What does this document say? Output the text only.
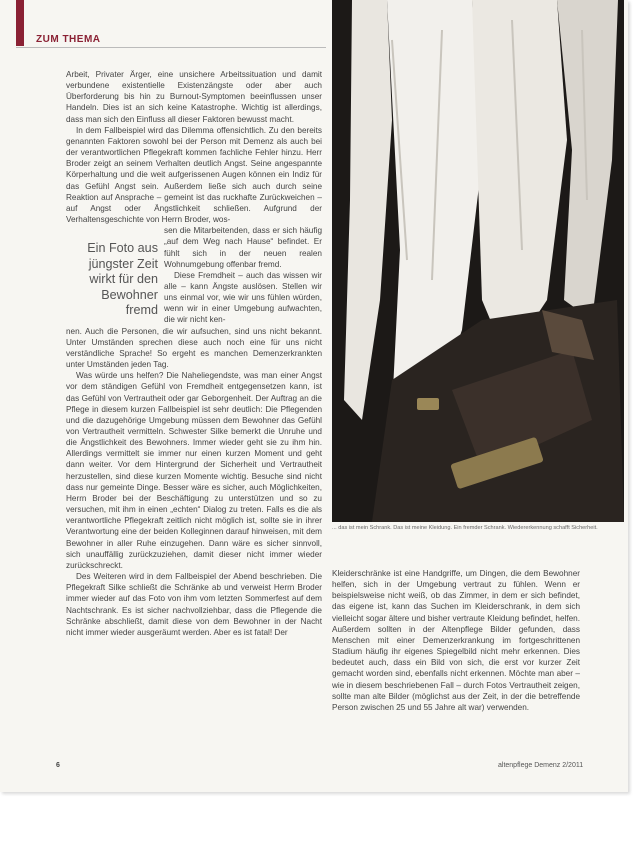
ZUM THEMA

Arbeit, Privater Ärger, eine unsichere Arbeitssituation und damit verbundene existentielle Existenzängste oder aber auch Überforderung bis hin zu Burnout-Symptomen beeinflussen unser Handeln. Dies ist an sich keine Katastrophe. Wichtig ist allerdings, dass man sich den Einfluss all dieser Faktoren bewusst macht.

In dem Fallbeispiel wird das Dilemma offensichtlich. Zu den bereits genannten Faktoren sowohl bei der Person mit Demenz als auch bei der verantwortlichen Pflegekraft kommen fachliche Fehler hinzu. Herr Broder zeigt an seinem Verhalten deutlich Angst. Seine angespannte Körperhaltung und die weit aufgerissenen Augen können ein Indiz für das Gefühl Angst sein. Außerdem ließe sich auch durch seine Reaktion auf Ansprache – gemeint ist das ruckhafte Zurückweichen – auf Angst oder Ängstlichkeit schließen. Aufgrund der Verhaltensgeschichte von Herrn Broder, wos-

Ein Foto aus jüngster Zeit wirkt für den Bewohner fremd

sen die Mitarbeitenden, dass er sich häufig „auf dem Weg nach Hause“ befindet. Er fühlt sich in der neuen realen Wohnumgebung offenbar fremd.

Diese Fremdheit – auch das wissen wir alle – kann Ängste auslösen. Stellen wir uns einmal vor, wie wir uns fühlen würden, wenn wir in einer Umgebung aufwachten, die wir nicht ken-

nen. Auch die Personen, die wir aufsuchen, sind uns nicht bekannt. Unter Umständen sprechen diese auch noch eine für uns nicht verständliche Sprache! So ergeht es manchen Demenzerkrankten unter Umständen jeden Tag.

Was würde uns helfen? Die Naheliegendste, was man einer Angst vor dem ständigen Gefühl von Fremdheit entgegensetzen kann, ist das Gefühl von Vertrautheit oder gar Geborgenheit. Der Auftrag an die Pflege in diesem kurzen Fallbeispiel ist sehr deutlich: Die Pflegenden und die dazugehörige Umgebung müssen dem Bewohner das Gefühl von Vertrautheit vermitteln. Schwester Silke bemerkt die Unruhe und die Ängstlichkeit des Bewohners. Immer wieder geht sie zu ihm hin. Allerdings vermittelt sie immer nur einen kurzen Moment und geht dann weiter. Vor dem Hintergrund der Sicherheit und Vertrautheit herzustellen, sind diese kurzen Momente wichtig. Besuche sind nicht dass nur gemeinte Dinge. Besser wäre es sicher, auch Möglichkeiten, Herrn Broder bei der Beschäftigung zu unterstützen und so zu versuchen, mit ihm in einen „echten“ Dialog zu treten. Falls es die als verantwortliche Pflegekraft zeitlich nicht möglich ist, sollte sie in ihrer Verantwortung eine der beiden Kolleginnen darauf hinweisen, mit dem Bewohner in aller Ruhe einzugehen. Dann wäre es sicher sinnvoll, sich unauffällig zurückzuziehen, damit dieser nicht immer wieder zurückschreckt.

Des Weiteren wird in dem Fallbeispiel der Abend beschrieben. Die Pflegekraft Silke schließt die Schränke ab und verweist Herrn Broder immer wieder auf das Foto von ihm vom letzten Sommerfest auf dem Nachtschrank. Es ist sicher nachvollziehbar, dass die Pflegende die Schränke abschließt, damit diese von dem Bewohner in der Nacht nicht immer wieder ausgeräumt werden. Aber es ist fatal! Der

... das ist mein Schrank. Das ist meine Kleidung. Ein fremder Schrank. Wiedererkennung schafft Sicherheit.

Kleiderschränke ist eine Handgriffe, um Dingen, die dem Bewohner helfen, sich in der Umgebung vertraut zu fühlen. Wenn er beispielsweise nicht weiß, ob das Zimmer, in dem er sich befindet, das eigene ist, kann das Suchen im Kleiderschrank, in dem sich vielleicht sogar ältere und bisher vertraute Kleidung befindet, helfen. Außerdem sollten in der Altenpflege Bilder gefunden, dass Menschen mit einer Demenzerkrankung im fortgeschrittenen Stadium häufig ihr eigenes Spiegelbild nicht mehr erkennen. Dies bedeutet auch, dass ein Bild von sich, die erst vor kurzer Zeit gemacht worden sind, ebenfalls nicht erkennen. Möchte man aber – wie in diesem beschriebenen Fall – durch Fotos Vertrautheit zeigen, sollte man alte Bilder (möglichst aus der Zeit, in der die betreffende Person zwischen 25 und 55 Jahre alt war) verwenden.

6	altenpflege Demenz 2/2011
